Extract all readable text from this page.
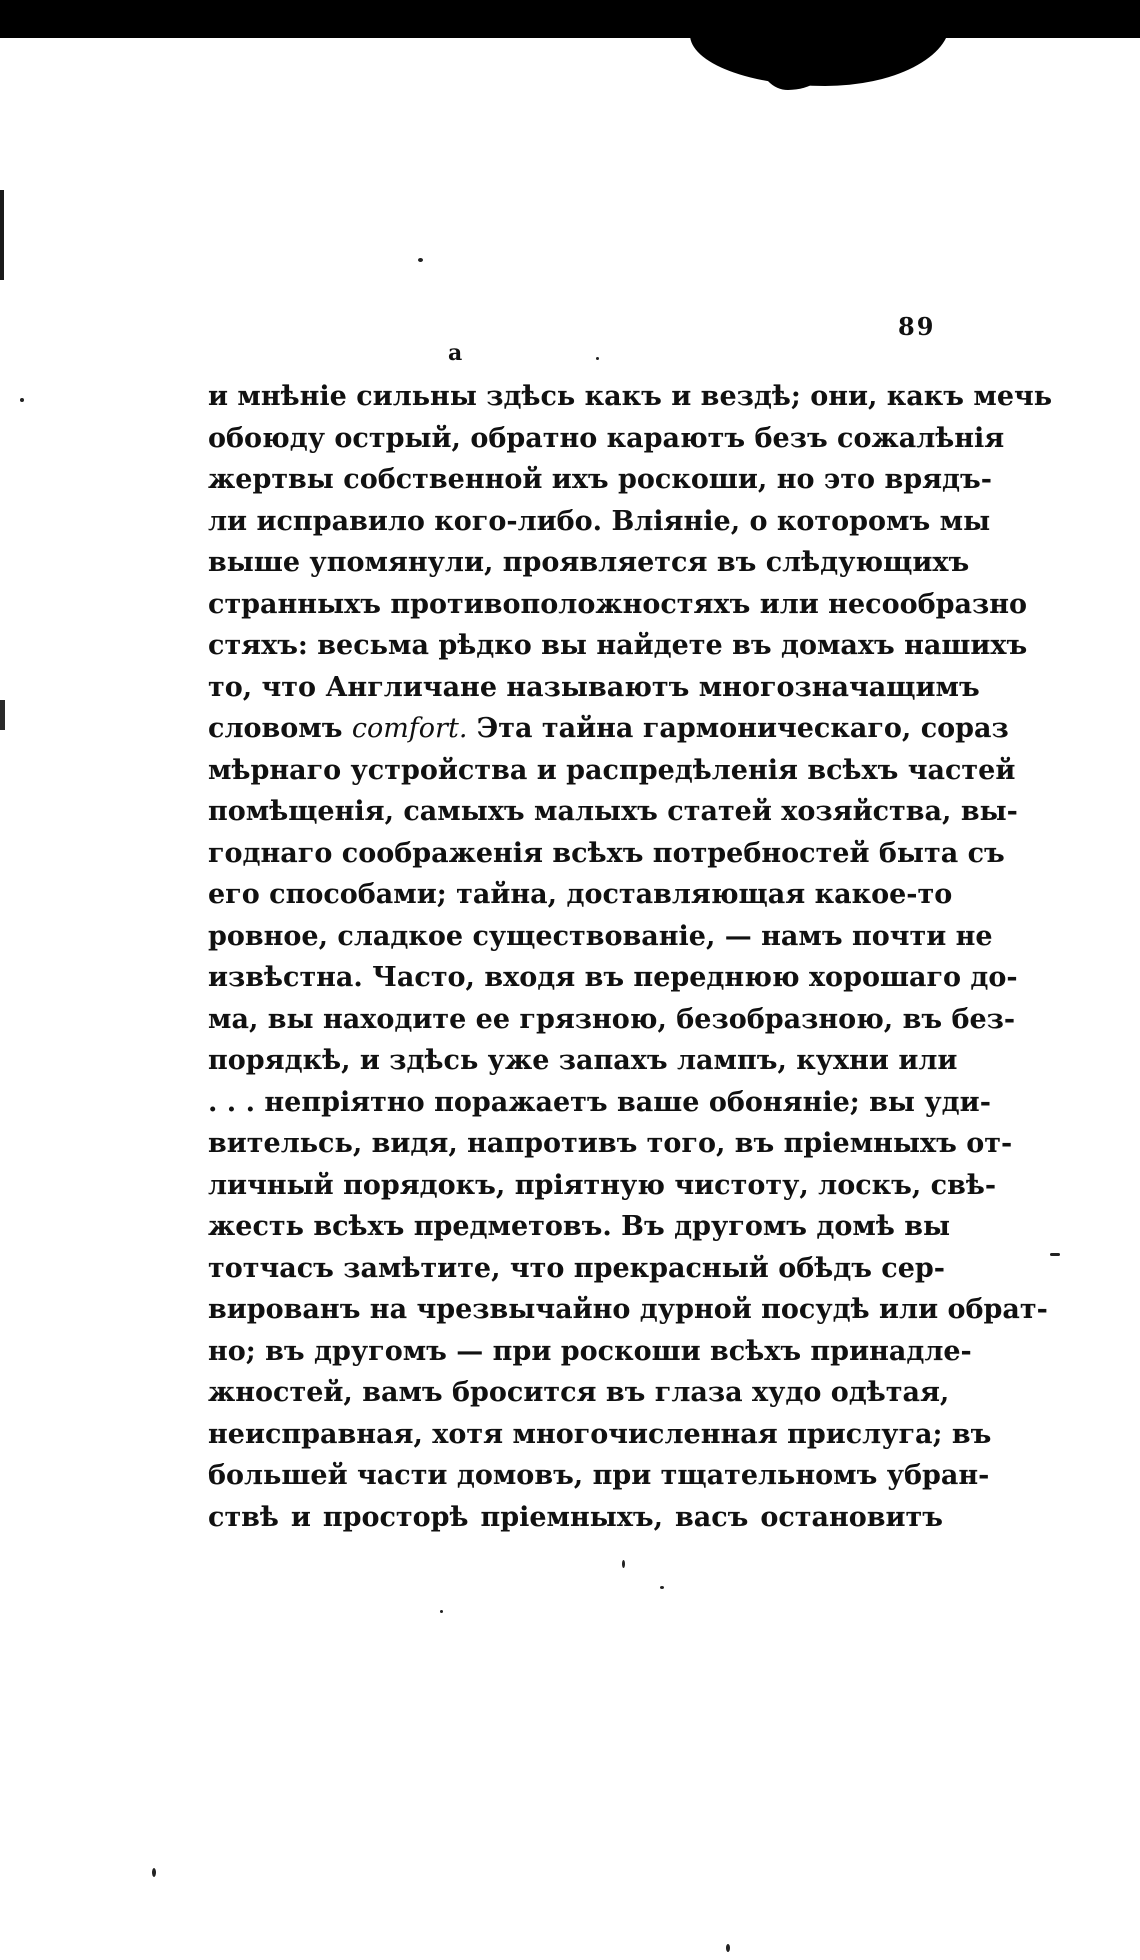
89
a
и мнѣніе сильны здѣсь какъ и вездѣ; они, какъ мечь
обоюду острый, обратно караютъ безъ сожалѣнія
жертвы собственной ихъ роскоши, но это врядъ-
ли исправило кого-либо. Вліяніе, о которомъ мы
выше упомянули, проявляется въ слѣдующихъ
странныхъ противоположностяхъ или несообразно
стяхъ: весьма рѣдко вы найдете въ домахъ нашихъ
то, что Англичане называютъ многозначащимъ
словомъ comfort. Эта тайна гармоническаго, сораз
мѣрнаго устройства и распредѣленія всѣхъ частей
помѣщенія, самыхъ малыхъ статей хозяйства, вы-
годнаго соображенія всѣхъ потребностей быта съ
его способами; тайна, доставляющая какое-то
ровное, сладкое существованіе, — намъ почти не
извѣстна. Часто, входя въ переднюю хорошаго до-
ма, вы находите ее грязною, безобразною, въ без-
порядкѣ, и здѣсь уже запахъ лампъ, кухни или
. . . непріятно поражаетъ ваше обоняніе; вы уди-
вительсь, видя, напротивъ того, въ пріемныхъ от-
личный порядокъ, пріятную чистоту, лоскъ, свѣ-
жесть всѣхъ предметовъ. Въ другомъ домѣ вы
тотчасъ замѣтите, что прекрасный обѣдъ сер-
вированъ на чрезвычайно дурной посудѣ или обрат-
но; въ другомъ — при роскоши всѣхъ принадле-
жностей, вамъ бросится въ глаза худо одѣтая,
неисправная, хотя многочисленная прислуга; въ
большей части домовъ, при тщательномъ убран-
ствѣ и просторѣ пріемныхъ, васъ остановитъ
